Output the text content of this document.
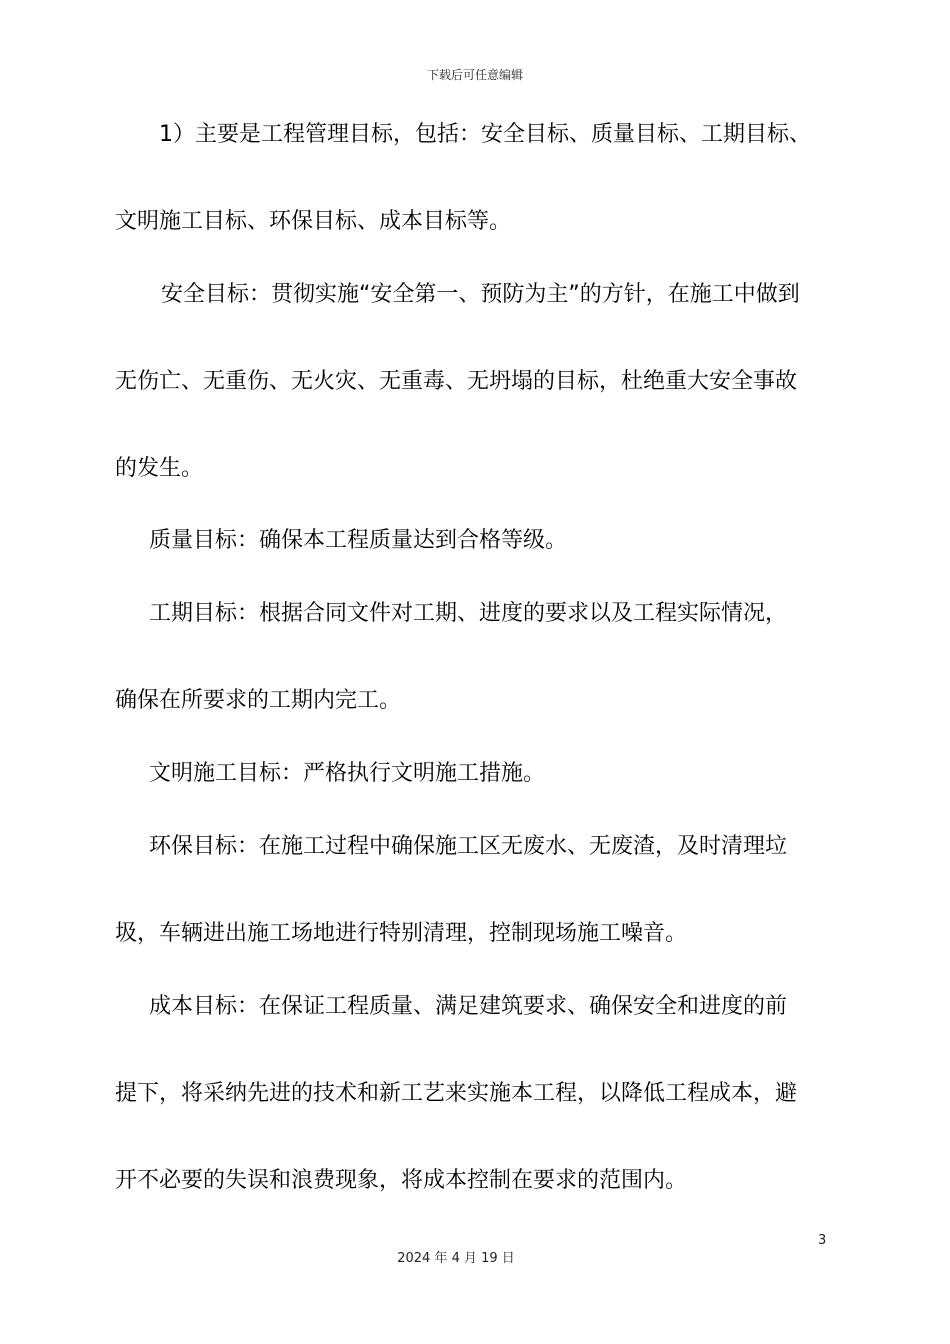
下载后可任意编辑
1）主要是工程管理目标，包括：安全目标、质量目标、工期目标、
文明施工目标、环保目标、成本目标等。
安全目标：贯彻实施“安全第一、预防为主”的方针，在施工中做到
无伤亡、无重伤、无火灾、无重毒、无坍塌的目标，杜绝重大安全事故
的发生。
质量目标：确保本工程质量达到合格等级。
工期目标：根据合同文件对工期、进度的要求以及工程实际情况，
确保在所要求的工期内完工。
文明施工目标：严格执行文明施工措施。
环保目标：在施工过程中确保施工区无废水、无废渣，及时清理垃
圾，车辆进出施工场地进行特别清理，控制现场施工噪音。
成本目标：在保证工程质量、满足建筑要求、确保安全和进度的前
提下，将采纳先进的技术和新工艺来实施本工程，以降低工程成本，避
开不必要的失误和浪费现象，将成本控制在要求的范围内。
3
2024 年 4 月 19 日
